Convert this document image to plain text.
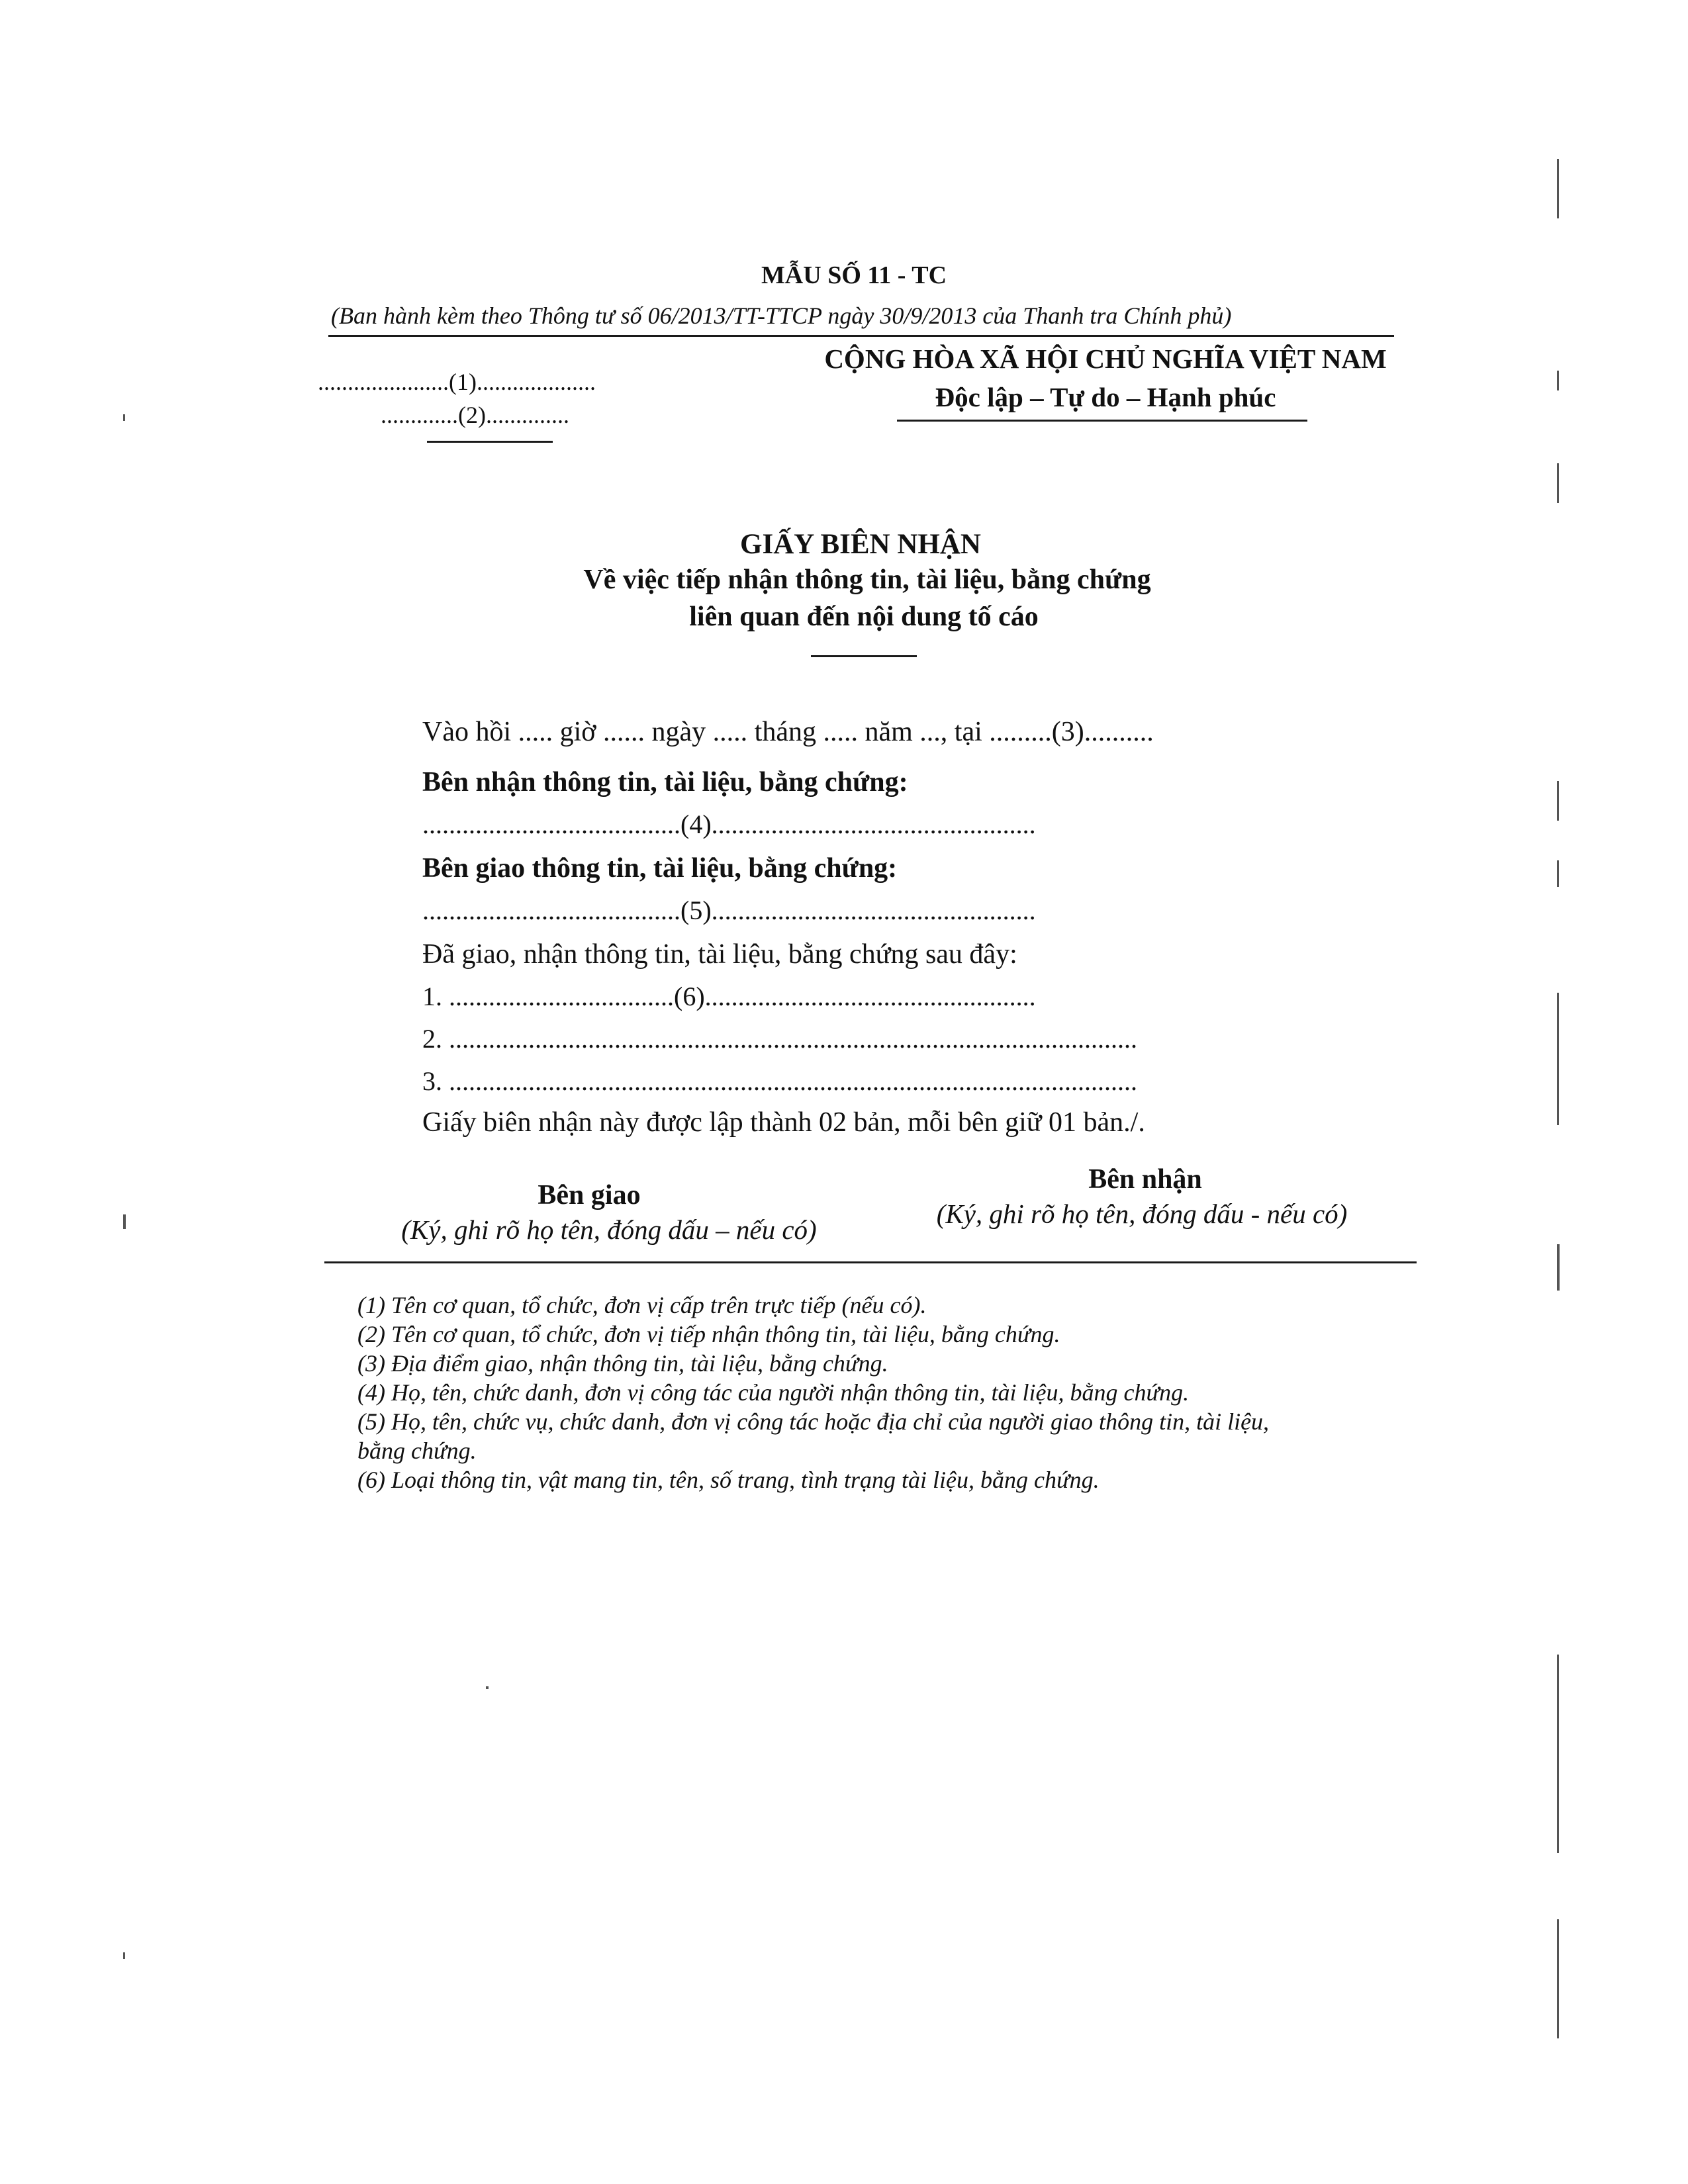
MẪU SỐ 11 - TC
(Ban hành kèm theo Thông tư số 06/2013/TT-TTCP ngày 30/9/2013 của Thanh tra Chính phủ)
......................(1)....................
.............(2)..............
CỘNG HÒA XÃ HỘI CHỦ NGHĨA VIỆT NAM
Độc lập – Tự do – Hạnh phúc
GIẤY BIÊN NHẬN
Về việc tiếp nhận thông tin, tài liệu, bằng chứng
liên quan đến nội dung tố cáo
Vào hồi ..... giờ ...... ngày ..... tháng ..... năm ..., tại .........(3)..........
Bên nhận thông tin, tài liệu, bằng chứng:
.......................................(4).................................................
Bên giao thông tin, tài liệu, bằng chứng:
.......................................(5).................................................
Đã giao, nhận thông tin, tài liệu, bằng chứng sau đây:
1. ..................................(6)..................................................
2. ........................................................................................................
3. ........................................................................................................
Giấy biên nhận này được lập thành 02 bản, mỗi bên giữ 01 bản./.
Bên giao
(Ký, ghi rõ họ tên, đóng dấu – nếu có)
Bên nhận
(Ký, ghi rõ họ tên, đóng dấu - nếu có)
(1) Tên cơ quan, tổ chức, đơn vị cấp trên trực tiếp (nếu có).
(2) Tên cơ quan, tổ chức, đơn vị tiếp nhận thông tin, tài liệu, bằng chứng.
(3) Địa điểm giao, nhận thông tin, tài liệu, bằng chứng.
(4) Họ, tên, chức danh, đơn vị công tác của người nhận thông tin, tài liệu, bằng chứng.
(5) Họ, tên, chức vụ, chức danh, đơn vị công tác hoặc địa chỉ của người giao thông tin, tài liệu,
bằng chứng.
(6) Loại thông tin, vật mang tin, tên, số trang, tình trạng tài liệu, bằng chứng.
